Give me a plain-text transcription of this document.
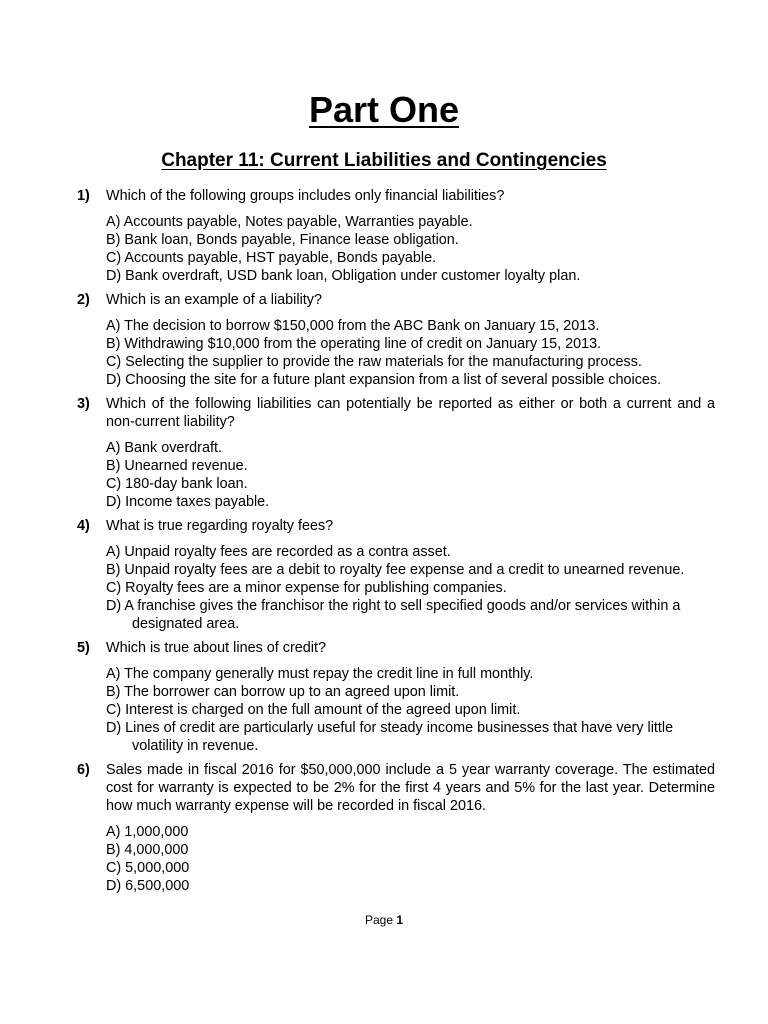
Part One
Chapter 11: Current Liabilities and Contingencies
1) Which of the following groups includes only financial liabilities?
A) Accounts payable, Notes payable, Warranties payable.
B) Bank loan, Bonds payable, Finance lease obligation.
C) Accounts payable, HST payable, Bonds payable.
D) Bank overdraft, USD bank loan, Obligation under customer loyalty plan.
2) Which is an example of a liability?
A) The decision to borrow $150,000 from the ABC Bank on January 15, 2013.
B) Withdrawing $10,000 from the operating line of credit on January 15, 2013.
C) Selecting the supplier to provide the raw materials for the manufacturing process.
D) Choosing the site for a future plant expansion from a list of several possible choices.
3) Which of the following liabilities can potentially be reported as either or both a current and a non-current liability?
A) Bank overdraft.
B) Unearned revenue.
C) 180-day bank loan.
D) Income taxes payable.
4) What is true regarding royalty fees?
A) Unpaid royalty fees are recorded as a contra asset.
B) Unpaid royalty fees are a debit to royalty fee expense and a credit to unearned revenue.
C) Royalty fees are a minor expense for publishing companies.
D) A franchise gives the franchisor the right to sell specified goods and/or services within a designated area.
5) Which is true about lines of credit?
A) The company generally must repay the credit line in full monthly.
B) The borrower can borrow up to an agreed upon limit.
C) Interest is charged on the full amount of the agreed upon limit.
D) Lines of credit are particularly useful for steady income businesses that have very little volatility in revenue.
6) Sales made in fiscal 2016 for $50,000,000 include a 5 year warranty coverage. The estimated cost for warranty is expected to be 2% for the first 4 years and 5% for the last year. Determine how much warranty expense will be recorded in fiscal 2016.
A) 1,000,000
B) 4,000,000
C) 5,000,000
D) 6,500,000
Page 1
